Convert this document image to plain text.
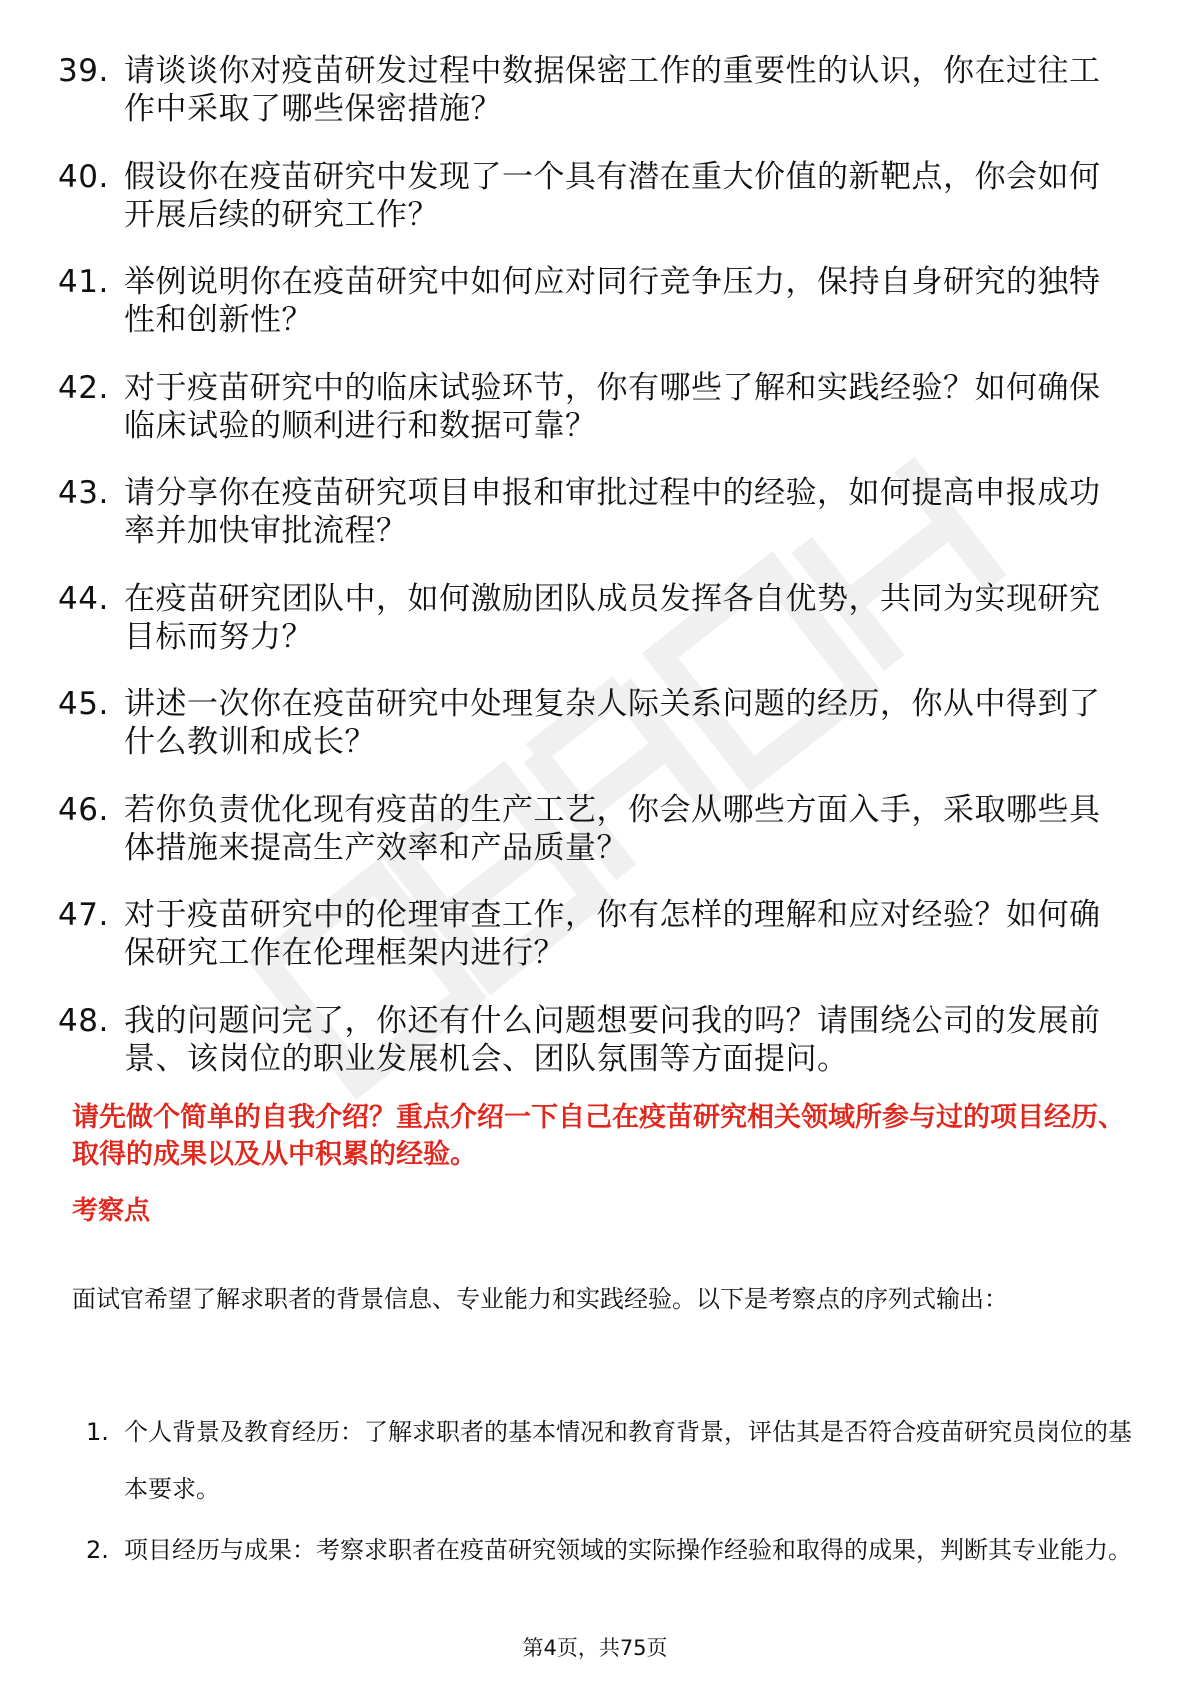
39. 请谈谈你对疫苗研发过程中数据保密工作的重要性的认识，你在过往工作中采取了哪些保密措施？
40. 假设你在疫苗研究中发现了一个具有潜在重大价值的新靶点，你会如何开展后续的研究工作？
41. 举例说明你在疫苗研究中如何应对同行竞争压力，保持自身研究的独特性和创新性？
42. 对于疫苗研究中的临床试验环节，你有哪些了解和实践经验？如何确保临床试验的顺利进行和数据可靠？
43. 请分享你在疫苗研究项目申报和审批过程中的经验，如何提高申报成功率并加快审批流程？
44. 在疫苗研究团队中，如何激励团队成员发挥各自优势，共同为实现研究目标而努力？
45. 讲述一次你在疫苗研究中处理复杂人际关系问题的经历，你从中得到了什么教训和成长？
46. 若你负责优化现有疫苗的生产工艺，你会从哪些方面入手，采取哪些具体措施来提高生产效率和产品质量？
47. 对于疫苗研究中的伦理审查工作，你有怎样的理解和应对经验？如何确保研究工作在伦理框架内进行？
48. 我的问题问完了，你还有什么问题想要问我的吗？请围绕公司的发展前景、该岗位的职业发展机会、团队氛围等方面提问。
请先做个简单的自我介绍？重点介绍一下自己在疫苗研究相关领域所参与过的项目经历、取得的成果以及从中积累的经验。
考察点
面试官希望了解求职者的背景信息、专业能力和实践经验。以下是考察点的序列式输出：
1. 个人背景及教育经历：了解求职者的基本情况和教育背景，评估其是否符合疫苗研究员岗位的基本要求。
2. 项目经历与成果：考察求职者在疫苗研究领域的实际操作经验和取得的成果，判断其专业能力。
第4页，共75页
